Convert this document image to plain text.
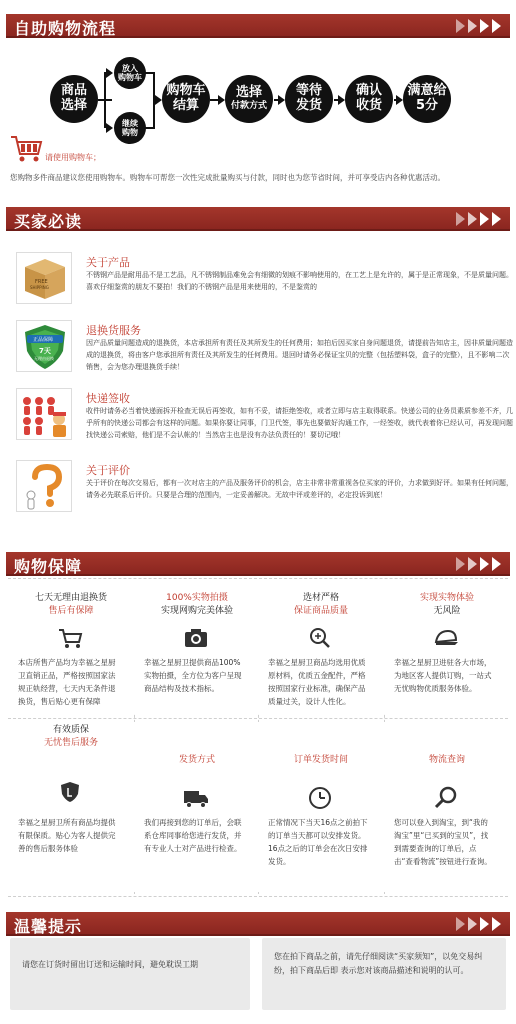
自助购物流程
商品
选择
放入
购物车
继续
购物
购物车
结算
选择
付款方式
等待
发货
确认
收货
满意给
5分
请使用购物车；
您购物多件商品建议您使用购物车。购物车可帮您一次性完成批量购买与付款，同时也为您节省时间，并可享受店内各种优惠活动。
买家必读
FREE
SHIPPING
关于产品
不锈钢产品是耐用品不是工艺品，凡不锈钢制品难免会有细微的划痕不影响使用的，在工艺上是允许的，属于是正常现象，不是质量问题。喜欢仔细鉴赏的朋友不要拍！我们的不锈钢产品是用来使用的，不是鉴赏的
正品保障
7天
无理由退换
退换货服务
因产品质量问题造成的退换货，本店承担所有责任及其所发生的任何费用；如拍后因买家自身问题退货，请提前告知店主，因非质量问题造成的退换货，将由客户您承担所有责任及其所发生的任何费用。退回时请务必保证宝贝的完整（包括塑料袋，盒子的完整），且不影响二次销售，会为您办理退换货手续！
快递签收
收件时请务必当着快递面拆开检查无误后再签收，如有不妥，请拒绝签收，或者立即与店主取得联系。快递公司的业务员素质参差不齐，几乎所有的快递公司都会有这样的问题。如果你要让同事，门卫代签，事先也要做好沟通工作，一经签收，就代表着你已经认可，再发现问题找快递公司索赔，他们是不会认帐的！当然店主也是没有办法负责任的！要切记哦！
关于评价
关于评价在每次交易后，都有一次对店主的产品及服务评价的机会，店主非常非常重视各位买家的评价，力求做到好评。如果有任何问题，请务必先联系后评价。只要是合理的范围内，一定妥善解决。无故中评或差评的，必定投诉到底！
购物保障
七天无理由退换货
售后有保障
本店所售产品均为幸福之星厨卫直销正品，严格按照国家法规正轨经营，七天内无条件退换货，售后贴心更有保障
100%实物拍摄
实现网购完美体验
幸福之星厨卫提供商品100%实物拍摄，全方位为客户呈现商品结构及技术指标。
选材严格
保证商品质量
幸福之星厨卫商品均选用优质原材料，优质五金配件，严格按照国家行业标准，确保产品质量过关，设计人性化。
实现实物体验
无风险
幸福之星厨卫进驻各大市场，为地区客人提供订购，一站式无忧购物优质服务体验。
有效质保
无忧售后服务
幸福之星厨卫所有商品均提供有限保质。贴心为客人提供完善的售后服务体验
发货方式
我们再接到您的订单后，会联系仓库同事给您进行发货，并有专业人士对产品进行检查。
订单发货时间
正常情况下当天16点之前拍下的订单当天都可以安排发货。16点之后的订单会在次日安排发货。
物流查询
您可以登入到淘宝，到“我的淘宝”里“已买到的宝贝”，找到需要查询的订单后，点击“查看物流”按钮进行查询。
温馨提示
请您在订货时留出订送和运输时间，避免耽误工期
您在拍下商品之前，请先仔细阅读“买家须知”，以免交易纠纷，拍下商品后即 表示您对该商品描述和说明的认可。
